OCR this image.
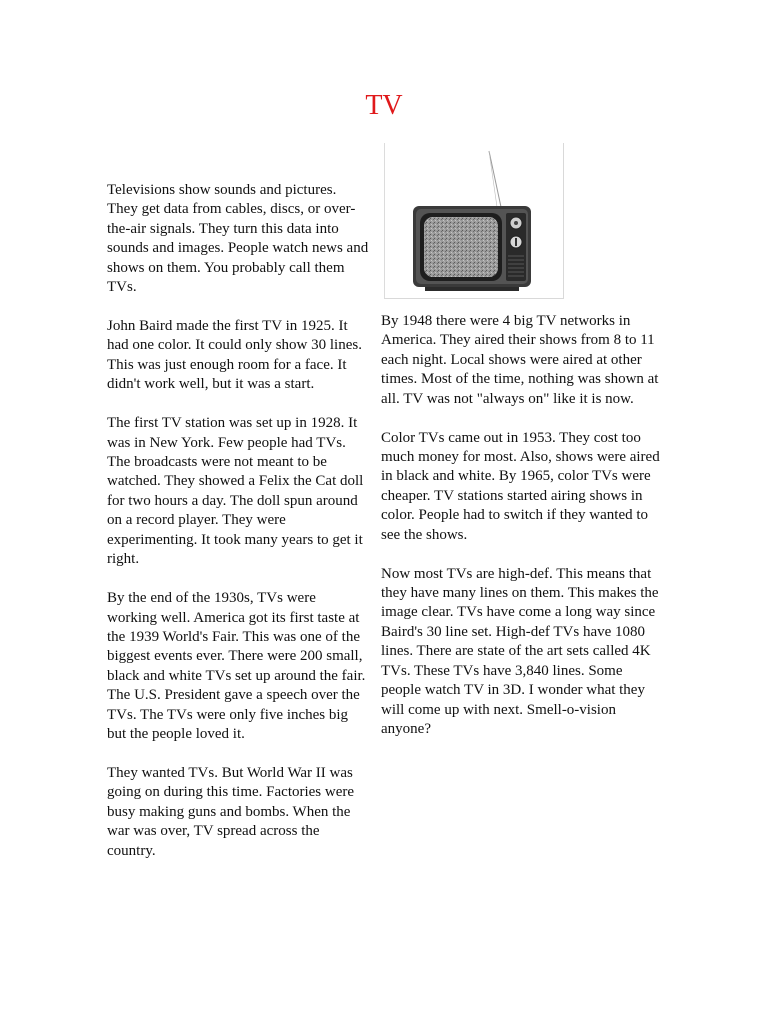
TV

Televisions show sounds and pictures. They get data from cables, discs, or over-the-air signals. They turn this data into sounds and images. People watch news and shows on them. You probably call them TVs.

John Baird made the first TV in 1925. It had one color. It could only show 30 lines. This was just enough room for a face. It didn't work well, but it was a start.

The first TV station was set up in 1928. It was in New York. Few people had TVs. The broadcasts were not meant to be watched. They showed a Felix the Cat doll for two hours a day. The doll spun around on a record player. They were experimenting. It took many years to get it right.

By the end of the 1930s, TVs were working well. America got its first taste at the 1939 World's Fair. This was one of the biggest events ever. There were 200 small, black and white TVs set up around the fair. The U.S. President gave a speech over the TVs. The TVs were only five inches big but the people loved it.

They wanted TVs. But World War II was going on during this time. Factories were busy making guns and bombs. When the war was over, TV spread across the country.

By 1948 there were 4 big TV networks in America. They aired their shows from 8 to 11 each night. Local shows were aired at other times. Most of the time, nothing was shown at all. TV was not "always on" like it is now.

Color TVs came out in 1953. They cost too much money for most. Also, shows were aired in black and white. By 1965, color TVs were cheaper. TV stations started airing shows in color. People had to switch if they wanted to see the shows.

Now most TVs are high-def. This means that they have many lines on them. This makes the image clear. TVs have come a long way since Baird's 30 line set. High-def TVs have 1080 lines. There are state of the art sets called 4K TVs. These TVs have 3,840 lines. Some people watch TV in 3D. I wonder what they will come up with next. Smell-o-vision anyone?
